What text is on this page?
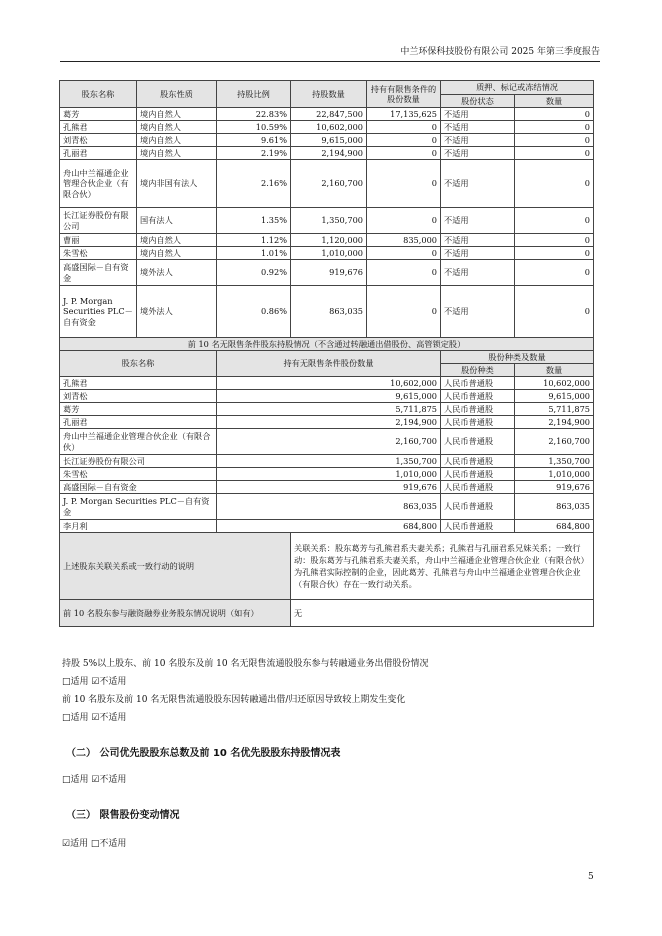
中兰环保科技股份有限公司 2025 年第三季度报告
股东名称	股东性质	持股比例	持股数量	持有有限售条件的股份数量	质押、标记或冻结情况	
					股份状态	数量
葛芳	境内自然人	22.83%	22,847,500	17,135,625	不适用	0
孔熊君	境内自然人	10.59%	10,602,000	0	不适用	0
刘青松	境内自然人	9.61%	9,615,000	0	不适用	0
孔丽君	境内自然人	2.19%	2,194,900	0	不适用	0
舟山中兰福通企业管理合伙企业（有限合伙）	境内非国有法人	2.16%	2,160,700	0	不适用	0
长江证券股份有限公司	国有法人	1.35%	1,350,700	0	不适用	0
曹丽	境内自然人	1.12%	1,120,000	835,000	不适用	0
朱雪松	境内自然人	1.01%	1,010,000	0	不适用	0
高盛国际－自有资金	境外法人	0.92%	919,676	0	不适用	0
J. P. Morgan Securities PLC－自有资金	境外法人	0.86%	863,035	0	不适用	0
前 10 名无限售条件股东持股情况（不含通过转融通出借股份、高管锁定股）						
股东名称		持有无限售条件股份数量			股份种类及数量	
					股份种类	数量
孔熊君		10,602,000			人民币普通股	10,602,000
刘青松		9,615,000			人民币普通股	9,615,000
葛芳		5,711,875			人民币普通股	5,711,875
孔丽君		2,194,900			人民币普通股	2,194,900
舟山中兰福通企业管理合伙企业（有限合伙）		2,160,700			人民币普通股	2,160,700
长江证券股份有限公司		1,350,700			人民币普通股	1,350,700
朱雪松		1,010,000			人民币普通股	1,010,000
高盛国际－自有资金		919,676			人民币普通股	919,676
J. P. Morgan Securities PLC－自有资金		863,035			人民币普通股	863,035
李月利		684,800			人民币普通股	684,800
上述股东关联关系或一致行动的说明			关联关系：股东葛芳与孔熊君系夫妻关系；孔熊君与孔丽君系兄妹关系；一致行动：股东葛芳与孔熊君系夫妻关系，舟山中兰福通企业管理合伙企业（有限合伙）为孔熊君实际控制的企业，因此葛芳、孔熊君与舟山中兰福通企业管理合伙企业（有限合伙）存在一致行动关系。			
前 10 名股东参与融资融券业务股东情况说明（如有）			无			
持股 5%以上股东、前 10 名股东及前 10 名无限售流通股股东参与转融通业务出借股份情况
□适用 ☑不适用
前 10 名股东及前 10 名无限售流通股股东因转融通出借/归还原因导致较上期发生变化
□适用 ☑不适用
（二） 公司优先股股东总数及前 10 名优先股股东持股情况表
□适用 ☑不适用
（三） 限售股份变动情况
☑适用 □不适用
5
